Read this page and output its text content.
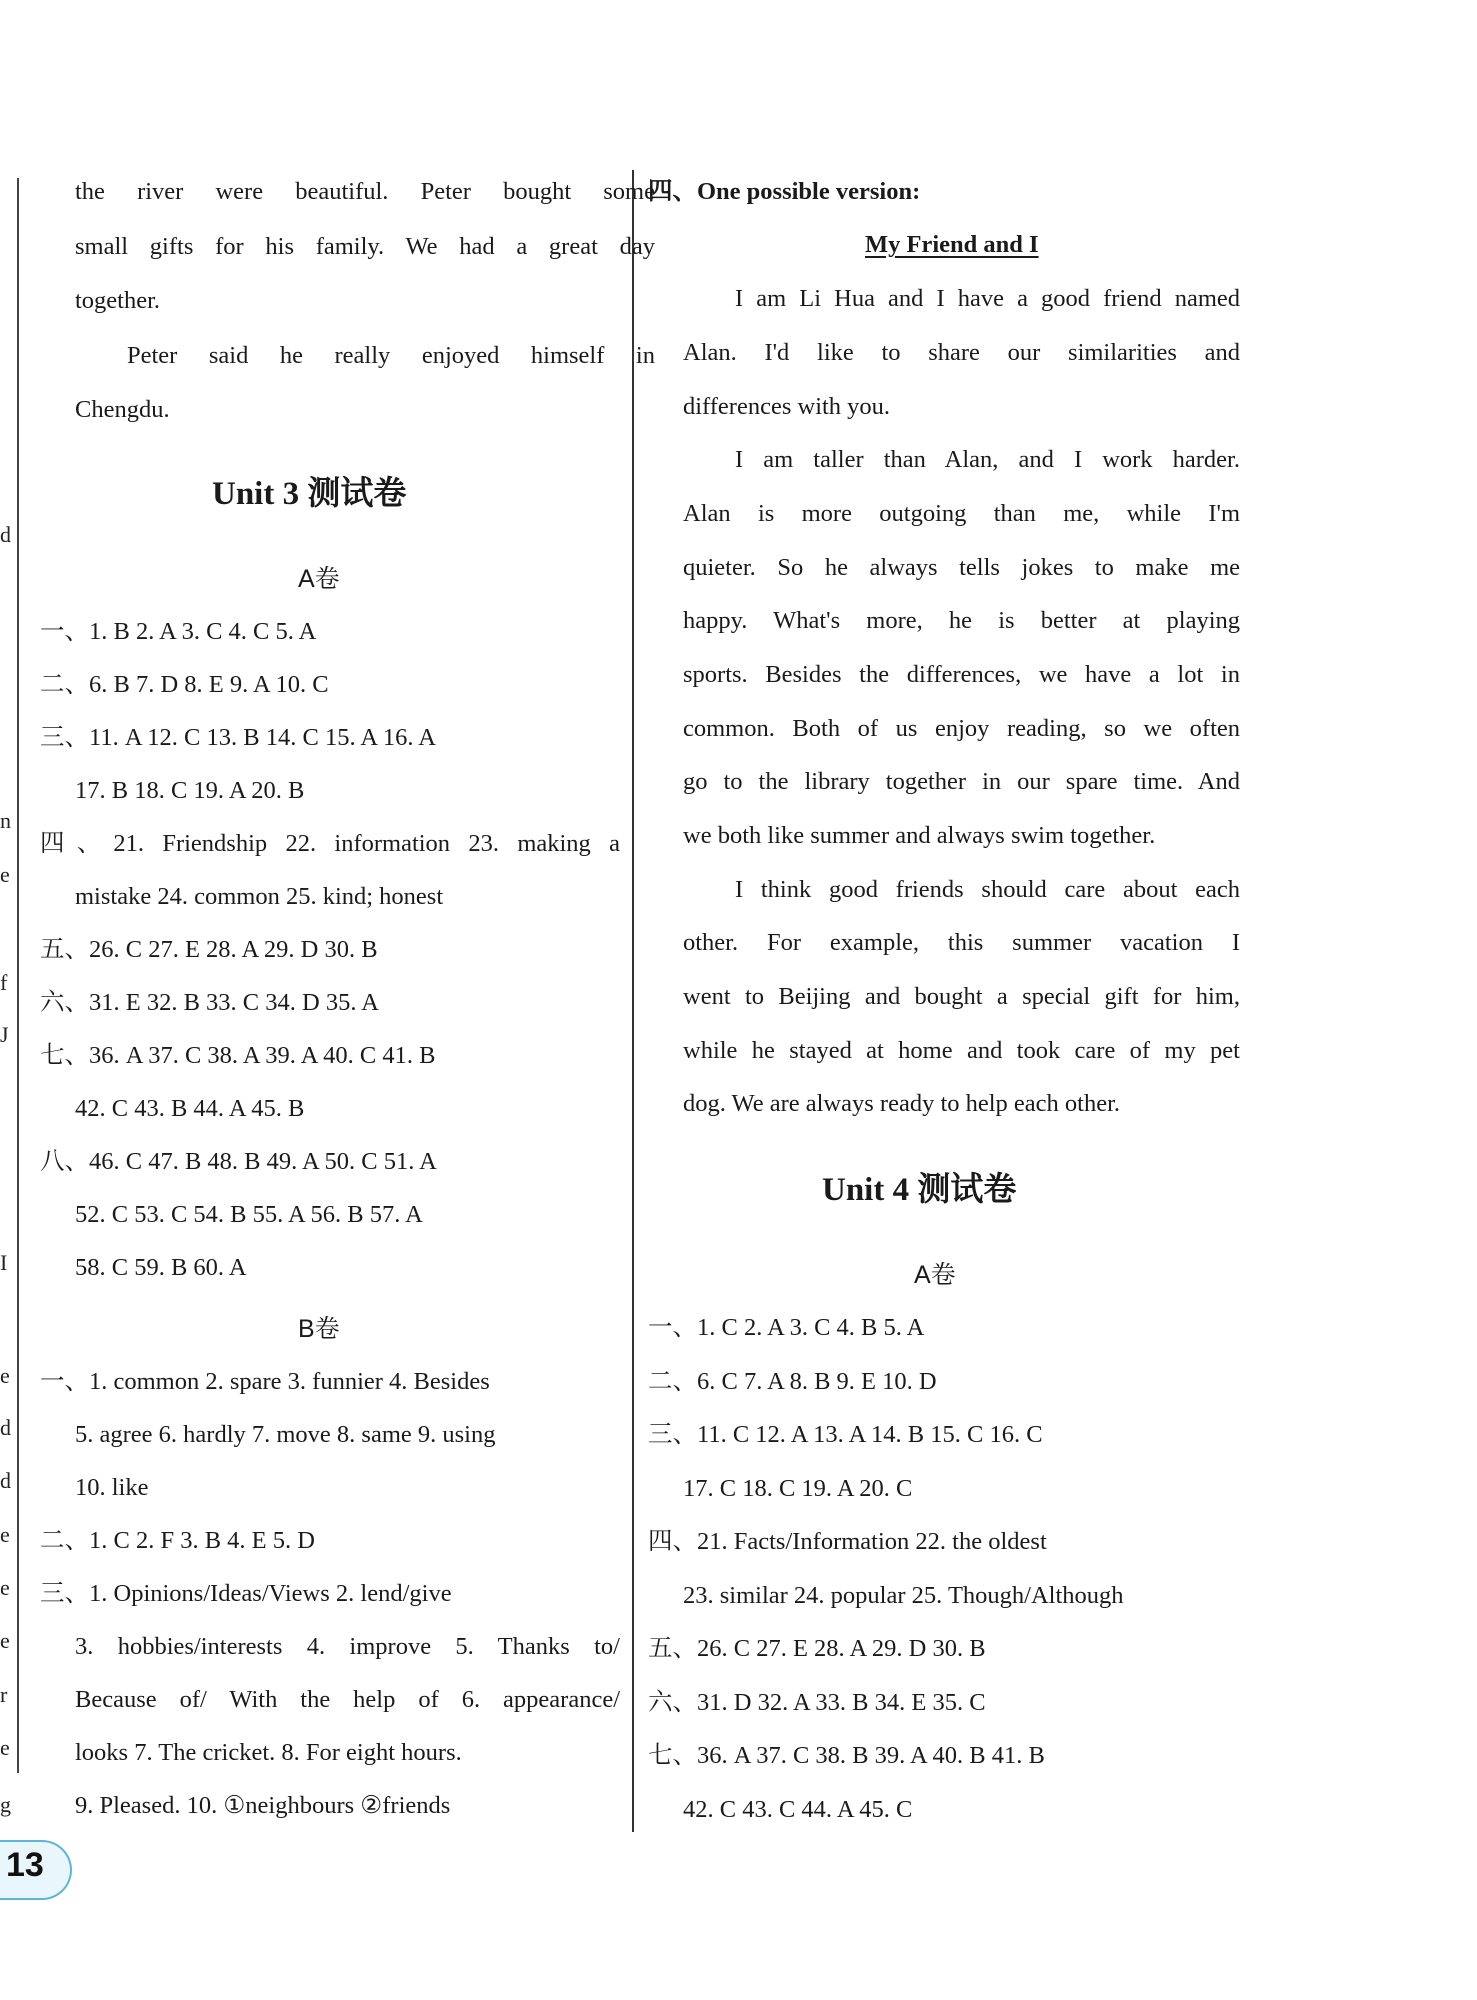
d
n
e
f
J
I
e
d
d
e
e
e
r
e
g
the river were beautiful. Peter bought some
small gifts for his family. We had a great day
together.
Peter said he really enjoyed himself in
Chengdu.
Unit 3 测试卷
A卷
一、1. B 2. A 3. C 4. C 5. A
二、6. B 7. D 8. E 9. A 10. C
三、11. A 12. C 13. B 14. C 15. A 16. A
17. B 18. C 19. A 20. B
四、21. Friendship 22. information 23. making a
mistake 24. common 25. kind; honest
五、26. C 27. E 28. A 29. D 30. B
六、31. E 32. B 33. C 34. D 35. A
七、36. A 37. C 38. A 39. A 40. C 41. B
42. C 43. B 44. A 45. B
八、46. C 47. B 48. B 49. A 50. C 51. A
52. C 53. C 54. B 55. A 56. B 57. A
58. C 59. B 60. A
B卷
一、1. common 2. spare 3. funnier 4. Besides
5. agree 6. hardly 7. move 8. same 9. using
10. like
二、1. C 2. F 3. B 4. E 5. D
三、1. Opinions/Ideas/Views 2. lend/give
3. hobbies/interests 4. improve 5. Thanks to/
Because of/ With the help of 6. appearance/
looks 7. The cricket. 8. For eight hours.
9. Pleased. 10. ①neighbours ②friends
四、One possible version:
My Friend and I
I am Li Hua and I have a good friend named
Alan. I'd like to share our similarities and
differences with you.
I am taller than Alan, and I work harder.
Alan is more outgoing than me, while I'm
quieter. So he always tells jokes to make me
happy. What's more, he is better at playing
sports. Besides the differences, we have a lot in
common. Both of us enjoy reading, so we often
go to the library together in our spare time. And
we both like summer and always swim together.
I think good friends should care about each
other. For example, this summer vacation I
went to Beijing and bought a special gift for him,
while he stayed at home and took care of my pet
dog. We are always ready to help each other.
Unit 4 测试卷
A卷
一、1. C 2. A 3. C 4. B 5. A
二、6. C 7. A 8. B 9. E 10. D
三、11. C 12. A 13. A 14. B 15. C 16. C
17. C 18. C 19. A 20. C
四、21. Facts/Information 22. the oldest
23. similar 24. popular 25. Though/Although
五、26. C 27. E 28. A 29. D 30. B
六、31. D 32. A 33. B 34. E 35. C
七、36. A 37. C 38. B 39. A 40. B 41. B
42. C 43. C 44. A 45. C
13
